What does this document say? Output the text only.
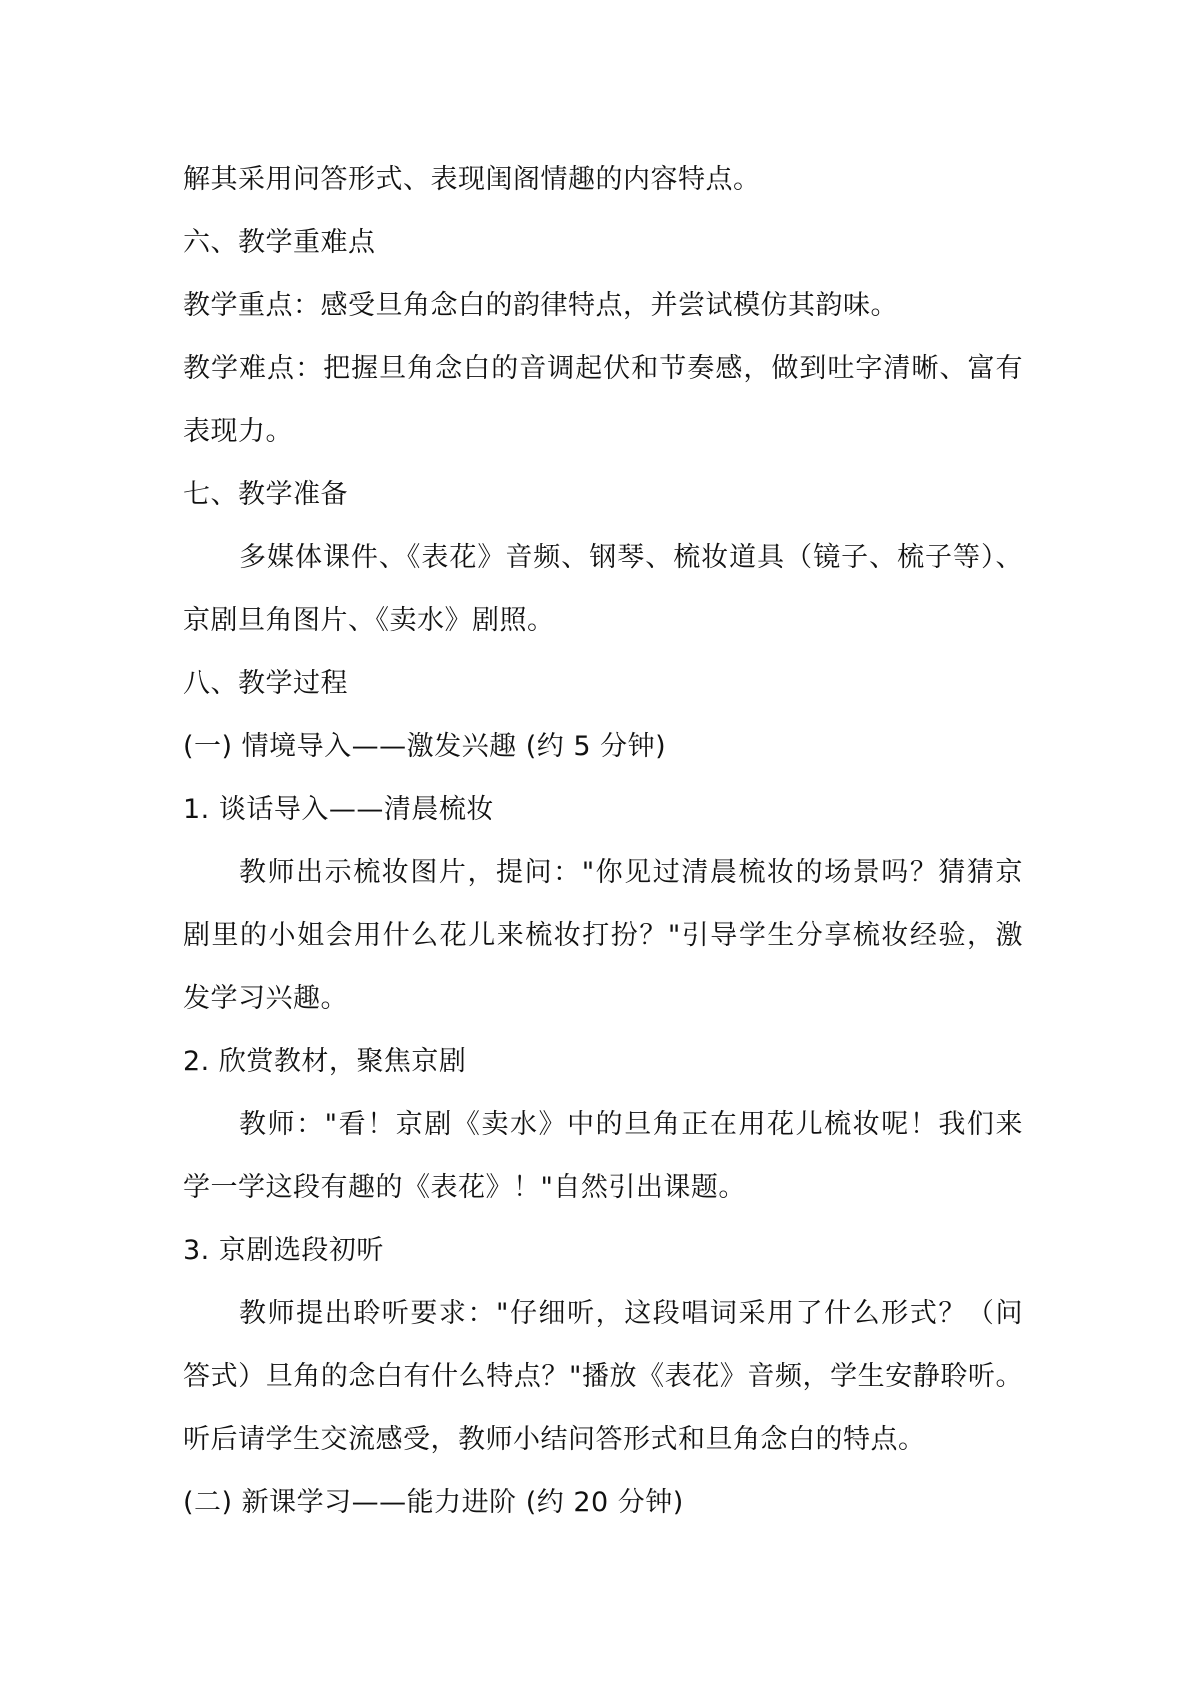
解其采用问答形式、表现闺阁情趣的内容特点。

六、教学重难点

教学重点：感受旦角念白的韵律特点，并尝试模仿其韵味。

教学难点：把握旦角念白的音调起伏和节奏感，做到吐字清晰、富有

表现力。

七、教学准备

多媒体课件、《表花》音频、钢琴、梳妆道具（镜子、梳子等）、

京剧旦角图片、《卖水》剧照。

八、教学过程

(一) 情境导入——激发兴趣 (约 5 分钟)

1. 谈话导入——清晨梳妆

教师出示梳妆图片，提问："你见过清晨梳妆的场景吗？猜猜京

剧里的小姐会用什么花儿来梳妆打扮？"引导学生分享梳妆经验，激

发学习兴趣。

2. 欣赏教材，聚焦京剧

教师："看！京剧《卖水》中的旦角正在用花儿梳妆呢！我们来

学一学这段有趣的《表花》！"自然引出课题。

3. 京剧选段初听

教师提出聆听要求："仔细听，这段唱词采用了什么形式？（问

答式）旦角的念白有什么特点？"播放《表花》音频，学生安静聆听。

听后请学生交流感受，教师小结问答形式和旦角念白的特点。

(二) 新课学习——能力进阶 (约 20 分钟)
